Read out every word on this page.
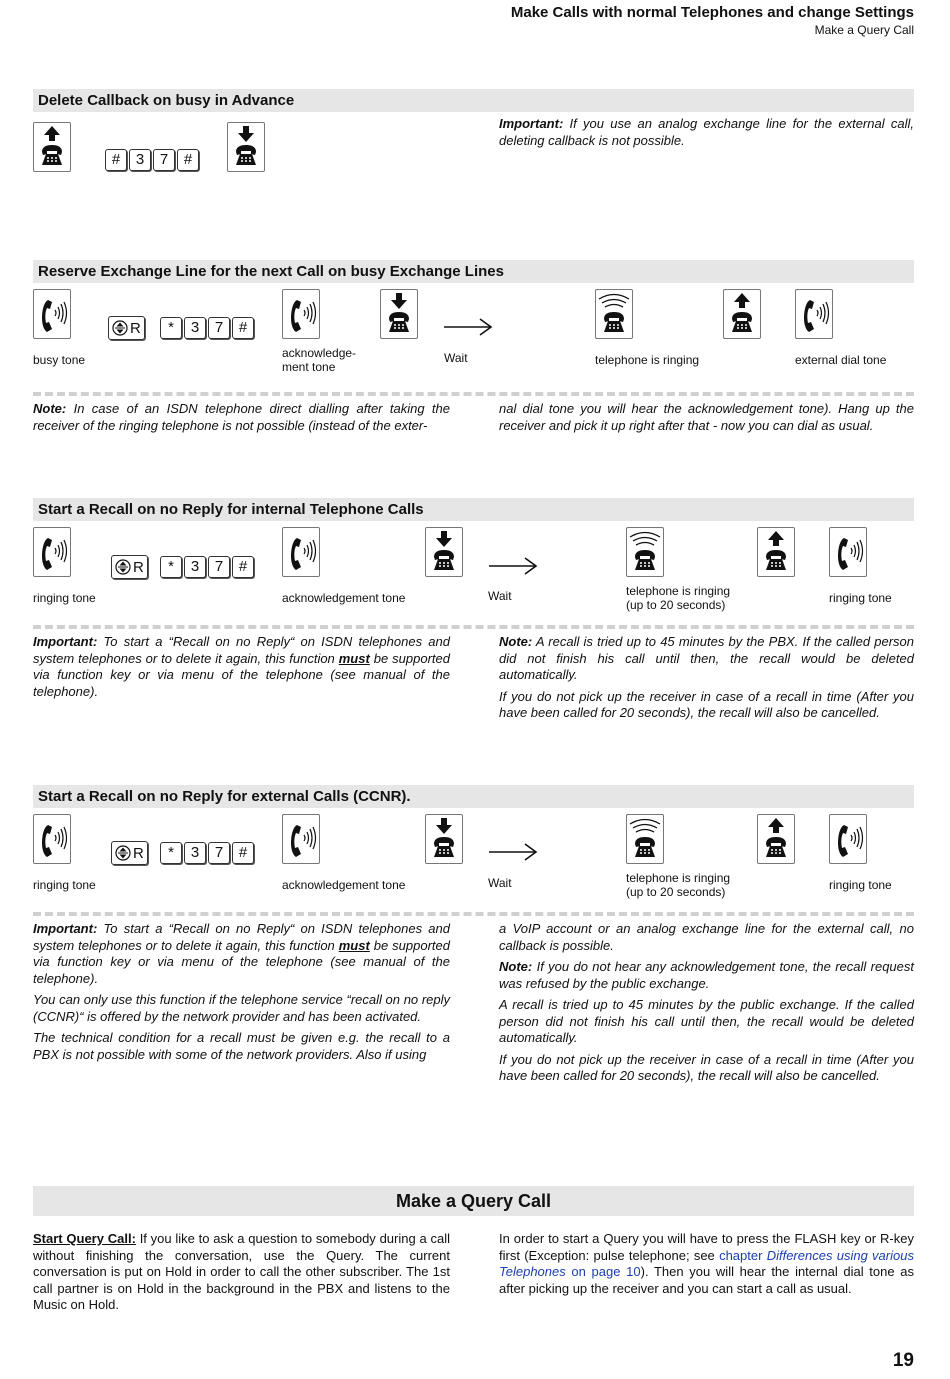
Make Calls with normal Telephones and change Settings
Make a Query Call
Delete Callback on busy in Advance
#	3	7	#

Important: If you use an analog exchange line for the external call, deleting callback is not possible.

Reserve Exchange Line for the next Call on busy Exchange Lines
R	*	3	7	#
busy tone	acknowledge-
ment tone
Wait	telephone is ringing	external dial tone

Note: In case of an ISDN telephone direct dialling after taking the receiver of the ringing telephone is not possible (instead of the exter-

nal dial tone you will hear the acknowledgement tone). Hang up the receiver and pick it up right after that - now you can dial as usual.

Start a Recall on no Reply for internal Telephone Calls
R	*	3	7	#
ringing tone	acknowledgement tone	Wait	telephone is ringing
(up to 20 seconds)	ringing tone

Important: To start a “Recall on no Reply“ on ISDN telephones and system telephones or to delete it again, this function must be supported via function key or via menu of the telephone (see manual of the telephone).

Note: A recall is tried up to 45 minutes by the PBX. If the called person did not finish his call until then, the recall would be deleted automatically.

If you do not pick up the receiver in case of a recall in time (After you have been called for 20 seconds), the recall will also be cancelled.

Start a Recall on no Reply for external Calls (CCNR).
R	*	3	7	#
ringing tone	acknowledgement tone	Wait	telephone is ringing
(up to 20 seconds)	ringing tone

Important: To start a “Recall on no Reply“ on ISDN telephones and system telephones or to delete it again, this function must be supported via function key or via menu of the telephone (see manual of the telephone).

You can only use this function if the telephone service “recall on no reply (CCNR)“ is offered by the network provider and has been activated.

The technical condition for a recall must be given e.g. the recall to a PBX is not possible with some of the network providers. Also if using

a VoIP account or an analog exchange line for the external call, no callback is possible.

Note: If you do not hear any acknowledgement tone, the recall request was refused by the public exchange.

A recall is tried up to 45 minutes by the public exchange. If the called person did not finish his call until then, the recall would be deleted automatically.

If you do not pick up the receiver in case of a recall in time (After you have been called for 20 seconds), the recall will also be cancelled.

Make a Query Call

Start Query Call: If you like to ask a question to somebody during a call without finishing the conversation, use the Query. The current conversation is put on Hold in order to call the other subscriber. The 1st call partner is on Hold in the background in the PBX and listens to the Music on Hold.

In order to start a Query you will have to press the FLASH key or R-key first (Exception: pulse telephone; see chapter Differences using various Telephones on page 10). Then you will hear the internal dial tone as after picking up the receiver and you can start a call as usual.

19
